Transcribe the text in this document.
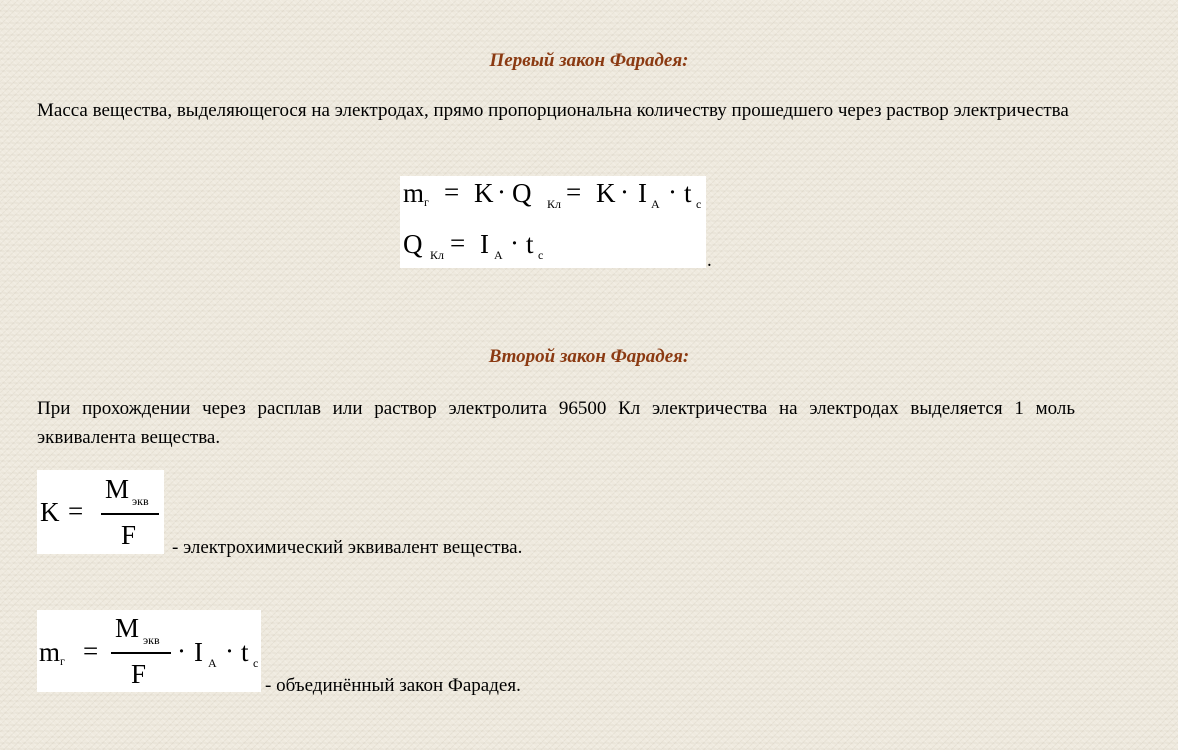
Первый закон Фарадея:
Масса вещества, выделяющегося на электродах, прямо пропорциональна количеству прошедшего через раствор электричества
m г = K · Q Кл = K · I А · t с
Q Кл = I А · t с	.
Второй закон Фарадея:
При прохождении через расплав или раствор электролита 96500 Кл электричества на электродах выделяется 1 моль эквивалента вещества.
K =
M экв
F - электрохимический эквивалент вещества.
m г =
M экв
F
· I А · t с
- объединённый закон Фарадея.
